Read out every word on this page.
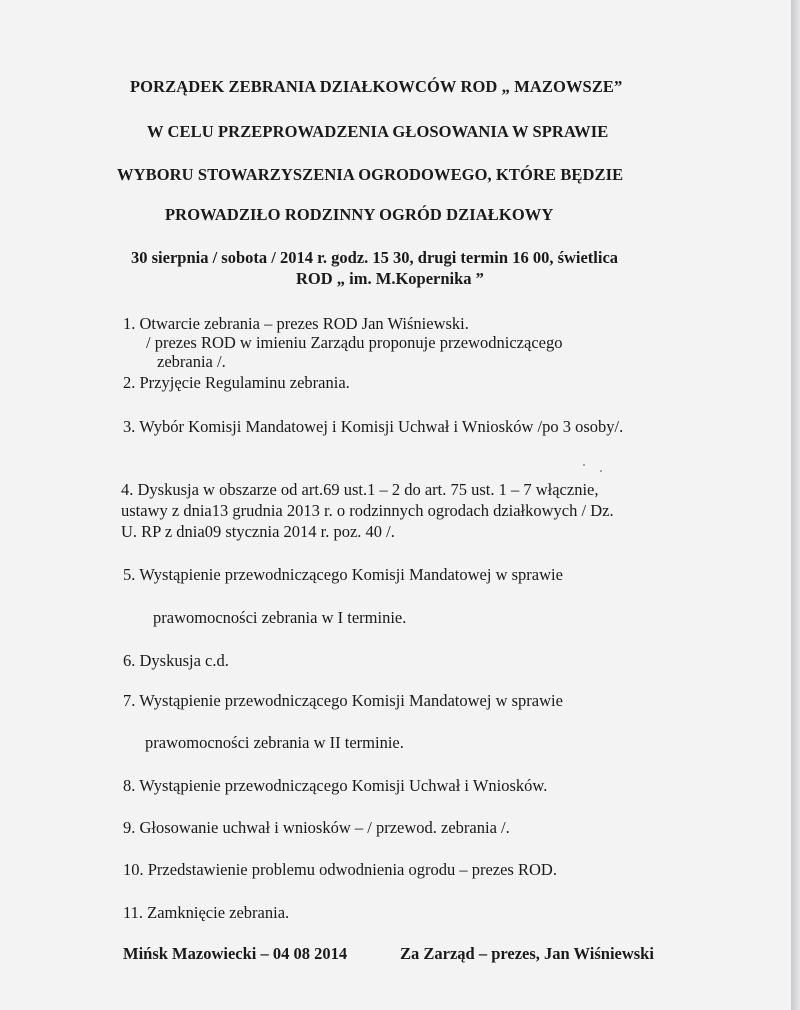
PORZĄDEK ZEBRANIA DZIAŁKOWCÓW ROD „ MAZOWSZE”

W CELU PRZEPROWADZENIA GŁOSOWANIA W SPRAWIE

WYBORU STOWARZYSZENIA OGRODOWEGO, KTÓRE BĘDZIE

PROWADZIŁO RODZINNY OGRÓD DZIAŁKOWY

30 sierpnia / sobota / 2014 r. godz. 15 30, drugi termin 16 00, świetlica

ROD „ im. M.Kopernika ”

1. Otwarcie zebrania – prezes ROD Jan Wiśniewski.

/ prezes ROD w imieniu Zarządu proponuje przewodniczącego

zebrania /.

2. Przyjęcie Regulaminu zebrania.

3. Wybór Komisji Mandatowej i Komisji Uchwał i Wniosków /po 3 osoby/.

4. Dyskusja w obszarze od art.69 ust.1 – 2 do art. 75 ust. 1 – 7 włącznie,

ustawy z dnia13 grudnia 2013 r. o rodzinnych ogrodach działkowych / Dz.

U. RP z dnia09 stycznia 2014 r. poz. 40 /.

5. Wystąpienie przewodniczącego Komisji Mandatowej w sprawie

prawomocności zebrania w I terminie.

6. Dyskusja c.d.

7. Wystąpienie przewodniczącego Komisji Mandatowej w sprawie

prawomocności zebrania w II terminie.

8. Wystąpienie przewodniczącego Komisji Uchwał i Wniosków.

9. Głosowanie uchwał i wniosków – / przewod. zebrania /.

10. Przedstawienie problemu odwodnienia ogrodu – prezes ROD.

11. Zamknięcie zebrania.

Mińsk Mazowiecki – 04 08 2014	Za Zarząd – prezes, Jan Wiśniewski
